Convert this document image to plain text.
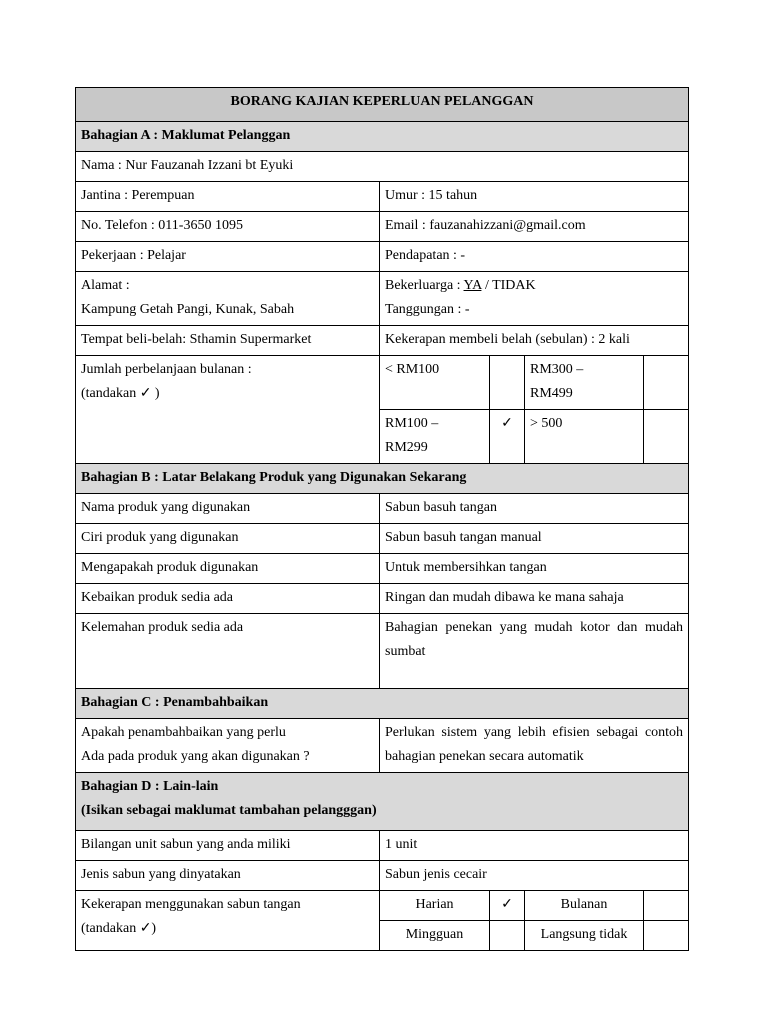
BORANG KAJIAN KEPERLUAN PELANGGAN				
Bahagian A : Maklumat Pelanggan				
Nama : Nur Fauzanah Izzani bt Eyuki				
Jantina : Perempuan	Umur : 15 tahun			
No. Telefon : 011-3650 1095	Email : fauzanahizzani@gmail.com			
Pekerjaan : Pelajar	Pendapatan : -			

Alamat :
Kampung Getah Pangi, Kunak, Sabah	Bekerluarga : YA / TIDAK
Tanggungan : -			

Tempat beli-belah: Sthamin Supermarket	Kekerapan membeli belah (sebulan) : 2 kali			

Jumlah perbelanjaan bulanan :
(tandakan ✓ )	< RM100		RM300 –
RM499	

	RM100 –
RM299	✓	> 500	
Bahagian B : Latar Belakang Produk yang Digunakan Sekarang				
Nama produk yang digunakan	Sabun basuh tangan			
Ciri produk yang digunakan	Sabun basuh tangan manual			
Mengapakah produk digunakan	Untuk membersihkan tangan			
Kebaikan produk sedia ada	Ringan dan mudah dibawa ke mana sahaja			
Kelemahan produk sedia ada	Bahagian penekan yang mudah kotor dan mudah sumbat			
Bahagian C : Penambahbaikan				

Apakah penambahbaikan yang perlu
Ada pada produk yang akan digunakan ?	Perlukan sistem yang lebih efisien sebagai contoh bahagian penekan secara automatik			

Bahagian D : Lain-lain
(Isikan sebagai maklumat tambahan pelangggan)				

Bilangan unit sabun yang anda miliki	1 unit			
Jenis sabun yang dinyatakan	Sabun jenis cecair			

Kekerapan menggunakan sabun tangan
(tandakan ✓)	Harian	✓	Bulanan	
	Mingguan		Langsung tidak	
